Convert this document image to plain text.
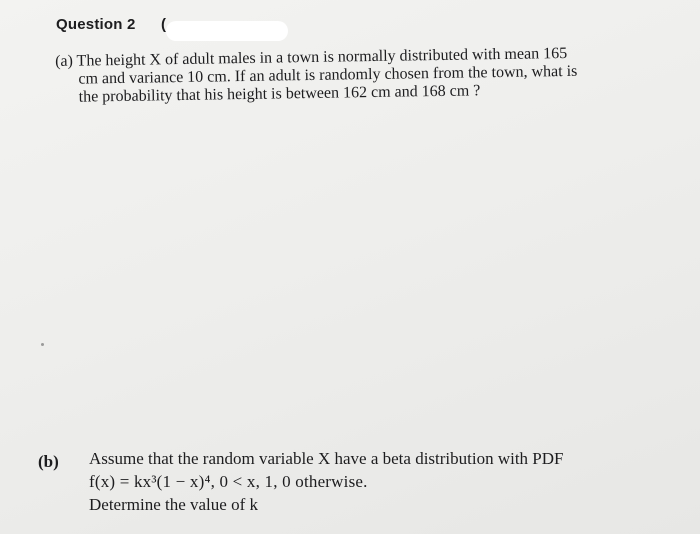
Question 2 (
(a) The height X of adult males in a town is normally distributed with mean 165
cm and variance 10 cm. If an adult is randomly chosen from the town, what is
the probability that his height is between 162 cm and 168 cm ?
(b) Assume that the random variable X have a beta distribution with PDF
f(x) = kx³(1 − x)⁴, 0 < x, 1, 0 otherwise.
Determine the value of k
